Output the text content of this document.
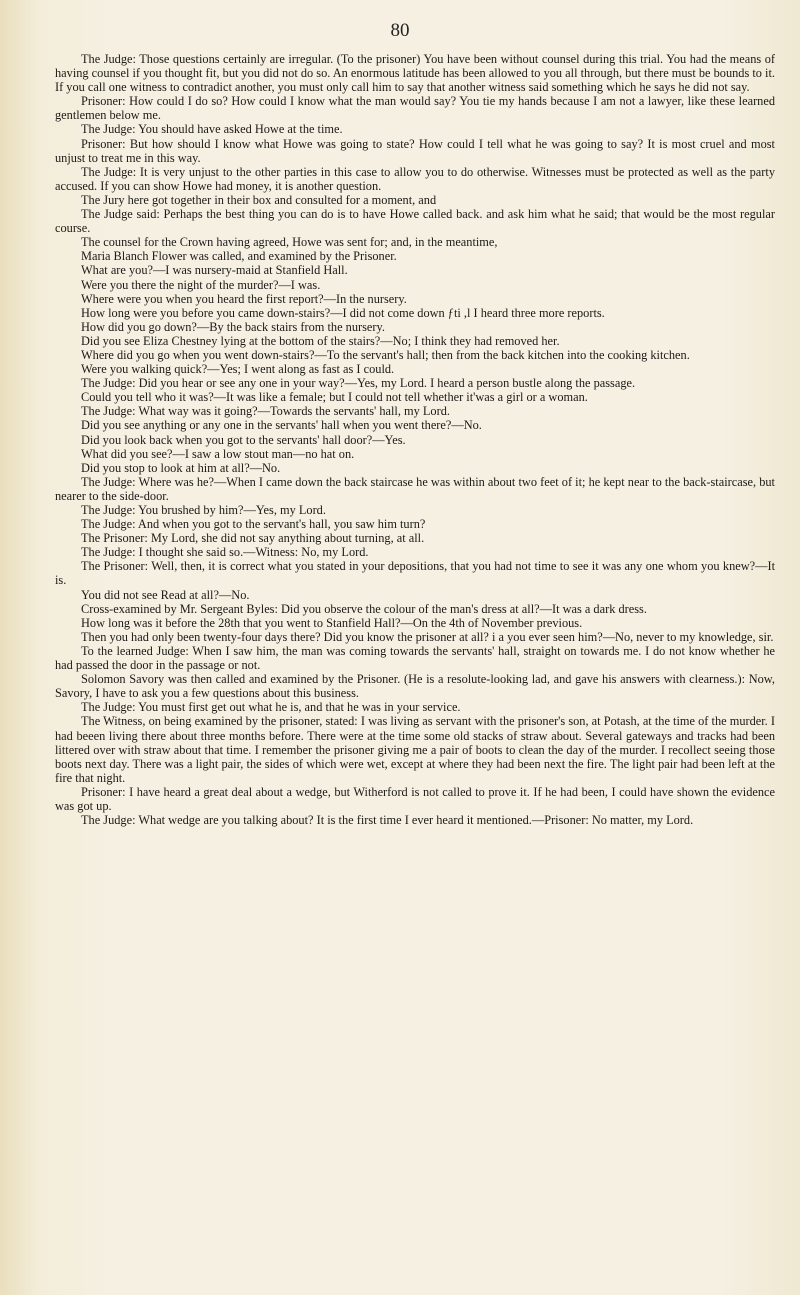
80

The Judge: Those questions certainly are irregular. (To the prisoner) You have been without counsel during this trial. You had the means of having counsel if you thought fit, but you did not do so. An enormous latitude has been allowed to you all through, but there must be bounds to it. If you call one witness to contradict another, you must only call him to say that another witness said something which he says he did not say.

Prisoner: How could I do so? How could I know what the man would say? You tie my hands because I am not a lawyer, like these learned gentlemen below me.

The Judge: You should have asked Howe at the time.

Prisoner: But how should I know what Howe was going to state? How could I tell what he was going to say? It is most cruel and most unjust to treat me in this way.

The Judge: It is very unjust to the other parties in this case to allow you to do otherwise. Witnesses must be protected as well as the party accused. If you can show Howe had money, it is another question.

The Jury here got together in their box and consulted for a moment, and

The Judge said: Perhaps the best thing you can do is to have Howe called back. and ask him what he said; that would be the most regular course.

The counsel for the Crown having agreed, Howe was sent for; and, in the meantime,

Maria Blanch Flower was called, and examined by the Prisoner.

What are you?—I was nursery-maid at Stanfield Hall.

Were you there the night of the murder?—I was.

Where were you when you heard the first report?—In the nursery.

How long were you before you came down-stairs?—I did not come down ƒti ,l I heard three more reports.

How did you go down?—By the back stairs from the nursery.

Did you see Eliza Chestney lying at the bottom of the stairs?—No; I think they had removed her.

Where did you go when you went down-stairs?—To the servant's hall; then from the back kitchen into the cooking kitchen.

Were you walking quick?—Yes; I went along as fast as I could.

The Judge: Did you hear or see any one in your way?—Yes, my Lord. I heard a person bustle along the passage.

Could you tell who it was?—It was like a female; but I could not tell whether it'was a girl or a woman.

The Judge: What way was it going?—Towards the servants' hall, my Lord.

Did you see anything or any one in the servants' hall when you went there?—No.

Did you look back when you got to the servants' hall door?—Yes.

What did you see?—I saw a low stout man—no hat on.

Did you stop to look at him at all?—No.

The Judge: Where was he?—When I came down the back staircase he was within about two feet of it; he kept near to the back-staircase, but nearer to the side-door.

The Judge: You brushed by him?—Yes, my Lord.

The Judge: And when you got to the servant's hall, you saw him turn?

The Prisoner: My Lord, she did not say anything about turning, at all.

The Judge: I thought she said so.—Witness: No, my Lord.

The Prisoner: Well, then, it is correct what you stated in your depositions, that you had not time to see it was any one whom you knew?—It is.

You did not see Read at all?—No.

Cross-examined by Mr. Sergeant Byles: Did you observe the colour of the man's dress at all?—It was a dark dress.

How long was it before the 28th that you went to Stanfield Hall?—On the 4th of November previous.

Then you had only been twenty-four days there? Did you know the prisoner at all? i a you ever seen him?—No, never to my knowledge, sir.

To the learned Judge: When I saw him, the man was coming towards the servants' hall, straight on towards me. I do not know whether he had passed the door in the passage or not.

Solomon Savory was then called and examined by the Prisoner. (He is a resolute-looking lad, and gave his answers with clearness.): Now, Savory, I have to ask you a few questions about this business.

The Judge: You must first get out what he is, and that he was in your service.

The Witness, on being examined by the prisoner, stated: I was living as servant with the prisoner's son, at Potash, at the time of the murder. I had beeen living there about three months before. There were at the time some old stacks of straw about. Several gateways and tracks had been littered over with straw about that time. I remember the prisoner giving me a pair of boots to clean the day of the murder. I recollect seeing those boots next day. There was a light pair, the sides of which were wet, except at where they had been next the fire. The light pair had been left at the fire that night.

Prisoner: I have heard a great deal about a wedge, but Witherford is not called to prove it. If he had been, I could have shown the evidence was got up.

The Judge: What wedge are you talking about? It is the first time I ever heard it mentioned.—Prisoner: No matter, my Lord.
